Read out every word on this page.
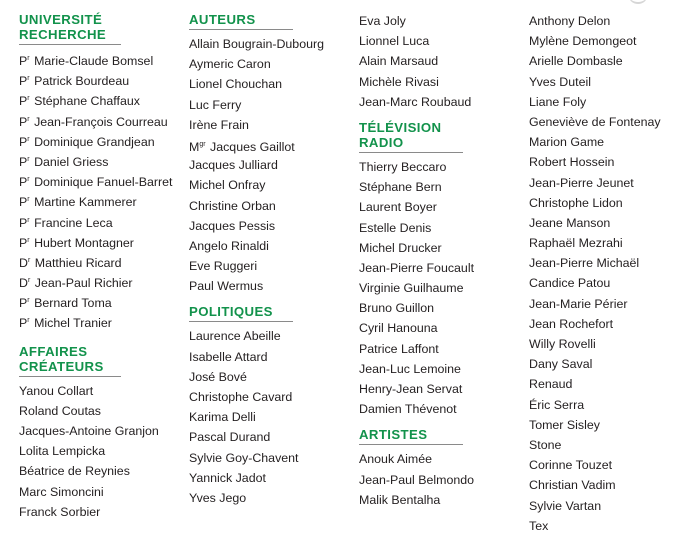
UNIVERSITÉ
RECHERCHE
$P^r$ Marie-Claude Bomsel
$P^r$ Patrick Bourdeau
$P^r$ Stéphane Chaffaux
$P^r$ Jean-François Courreau
$P^r$ Dominique Grandjean
$P^r$ Daniel Griess
$P^r$ Dominique Fanuel-Barret
$P^r$ Martine Kammerer
$P^r$ Francine Leca
$P^r$ Hubert Montagner
$D^r$ Matthieu Ricard
$D^r$ Jean-Paul Richier
$P^r$ Bernard Toma
$P^r$ Michel Tranier
AFFAIRES
CRÉATEURS
Yanou Collart
Roland Coutas
Jacques-Antoine Granjon
Lolita Lempicka
Béatrice de Reynies
Marc Simoncini
Franck Sorbier
AUTEURS
Allain Bougrain-Dubourg
Aymeric Caron
Lionel Chouchan
Luc Ferry
Irène Frain
$M^{gr}$ Jacques Gaillot
Jacques Julliard
Michel Onfray
Christine Orban
Jacques Pessis
Angelo Rinaldi
Eve Ruggeri
Paul Wermus
POLITIQUES
Laurence Abeille
Isabelle Attard
José Bové
Christophe Cavard
Karima Delli
Pascal Durand
Sylvie Goy-Chavent
Yannick Jadot
Yves Jego
Eva Joly
Lionnel Luca
Alain Marsaud
Michèle Rivasi
Jean-Marc Roubaud
TÉLÉVISION
RADIO
Thierry Beccaro
Stéphane Bern
Laurent Boyer
Estelle Denis
Michel Drucker
Jean-Pierre Foucault
Virginie Guilhaume
Bruno Guillon
Cyril Hanouna
Patrice Laffont
Jean-Luc Lemoine
Henry-Jean Servat
Damien Thévenot
ARTISTES
Anouk Aimée
Jean-Paul Belmondo
Malik Bentalha
Anthony Delon
Mylène Demongeot
Arielle Dombasle
Yves Duteil
Liane Foly
Geneviève de Fontenay
Marion Game
Robert Hossein
Jean-Pierre Jeunet
Christophe Lidon
Jeane Manson
Raphaël Mezrahi
Jean-Pierre Michaël
Candice Patou
Jean-Marie Périer
Jean Rochefort
Willy Rovelli
Dany Saval
Renaud
Éric Serra
Tomer Sisley
Stone
Corinne Touzet
Christian Vadim
Sylvie Vartan
Tex
